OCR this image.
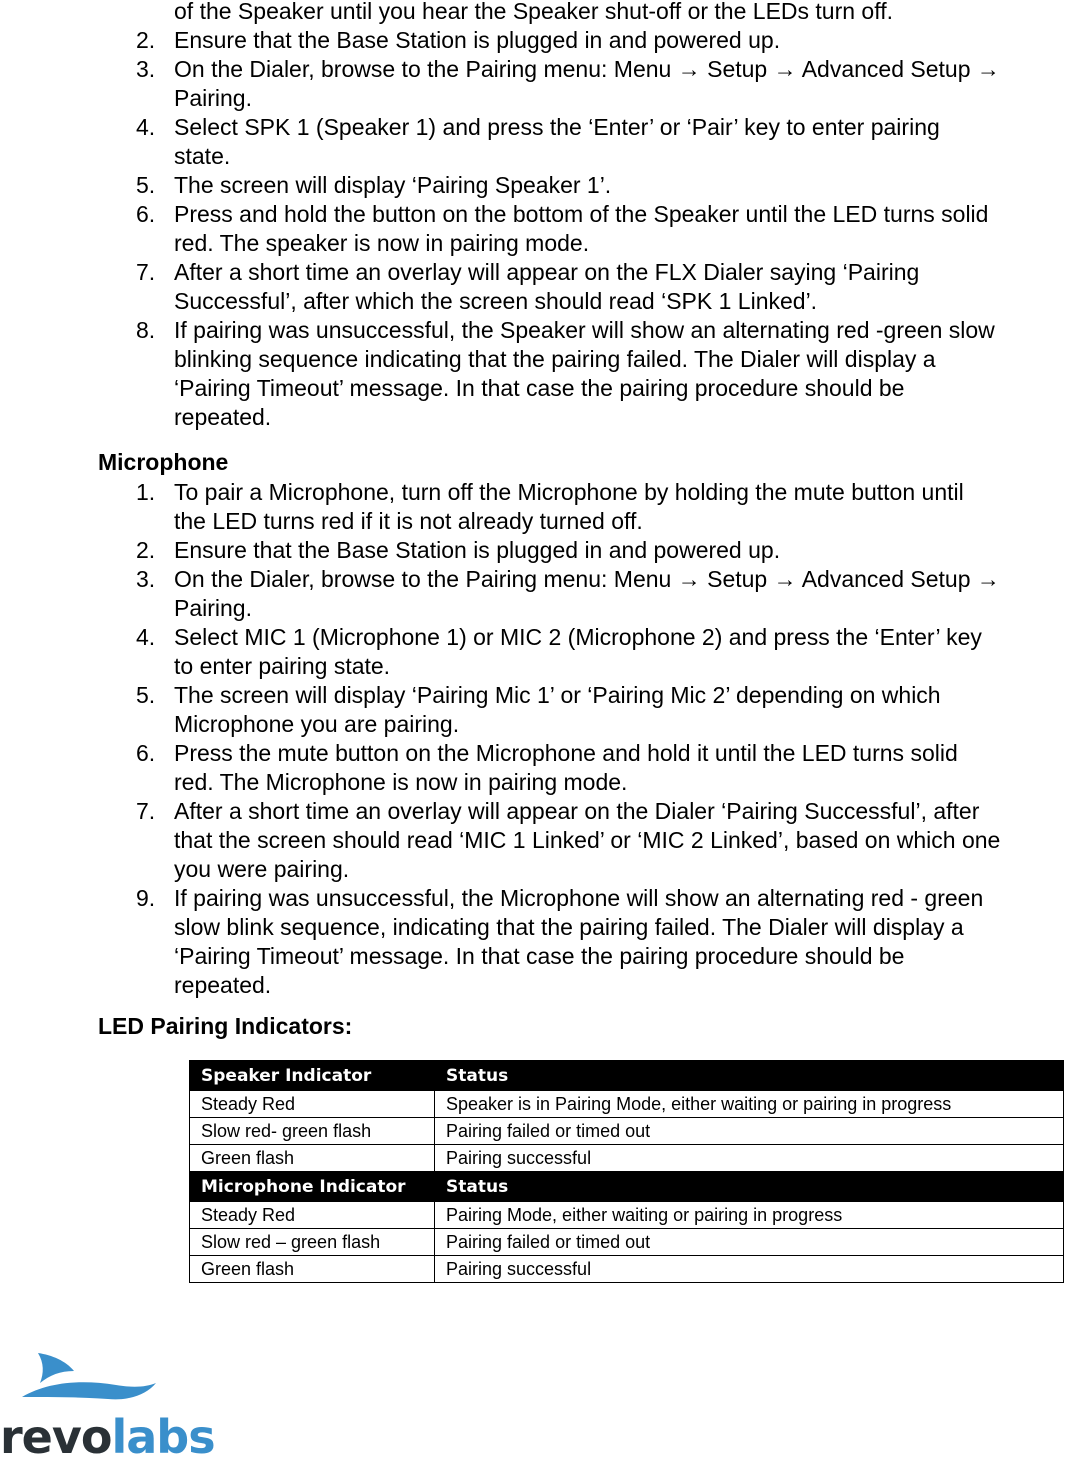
of the Speaker until you hear the Speaker shut-off or the LEDs turn off.
2. Ensure that the Base Station is plugged in and powered up.
3. On the Dialer, browse to the Pairing menu: Menu → Setup → Advanced Setup →
Pairing.
4. Select SPK 1 (Speaker 1) and press the ‘Enter’ or ‘Pair’ key to enter pairing
state.
5. The screen will display ‘Pairing Speaker 1’.
6. Press and hold the button on the bottom of the Speaker until the LED turns solid
red. The speaker is now in pairing mode.
7. After a short time an overlay will appear on the FLX Dialer saying ‘Pairing
Successful’, after which the screen should read ‘SPK 1 Linked’.
8. If pairing was unsuccessful, the Speaker will show an alternating red -green slow
blinking sequence indicating that the pairing failed. The Dialer will display a
‘Pairing Timeout’ message. In that case the pairing procedure should be
repeated.
Microphone
1. To pair a Microphone, turn off the Microphone by holding the mute button until
the LED turns red if it is not already turned off.
2. Ensure that the Base Station is plugged in and powered up.
3. On the Dialer, browse to the Pairing menu: Menu → Setup → Advanced Setup →
Pairing.
4. Select MIC 1 (Microphone 1) or MIC 2 (Microphone 2) and press the ‘Enter’ key
to enter pairing state.
5. The screen will display ‘Pairing Mic 1’ or ‘Pairing Mic 2’ depending on which
Microphone you are pairing.
6. Press the mute button on the Microphone and hold it until the LED turns solid
red. The Microphone is now in pairing mode.
7. After a short time an overlay will appear on the Dialer ‘Pairing Successful’, after
that the screen should read ‘MIC 1 Linked’ or ‘MIC 2 Linked’, based on which one
you were pairing.
9. If pairing was unsuccessful, the Microphone will show an alternating red - green
slow blink sequence, indicating that the pairing failed. The Dialer will display a
‘Pairing Timeout’ message. In that case the pairing procedure should be
repeated.
LED Pairing Indicators:
Speaker Indicator	Status
Steady Red	Speaker is in Pairing Mode, either waiting or pairing in progress
Slow red- green flash	Pairing failed or timed out
Green flash	Pairing successful
Microphone Indicator	Status
Steady Red	Pairing Mode, either waiting or pairing in progress
Slow red – green flash	Pairing failed or timed out
Green flash	Pairing successful
revolabs
